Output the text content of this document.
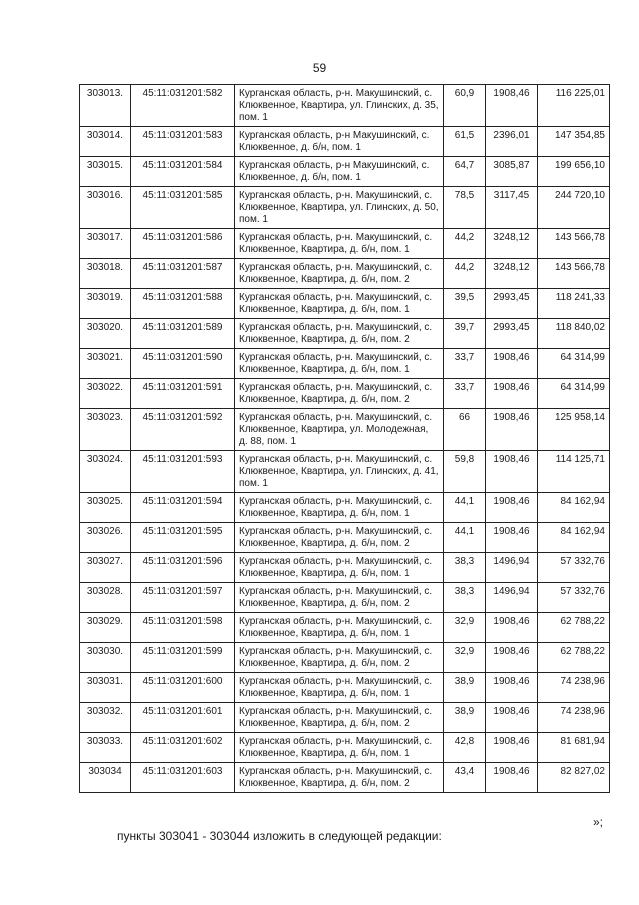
59
303013.	45:11:031201:582	Курганская область, р-н. Макушинский, с. Клюквенное, Квартира, ул. Глинских, д. 35, пом. 1	60,9	1908,46	116 225,01
303014.	45:11:031201:583	Курганская область, р-н Макушинский, с. Клюквенное, д. б/н, пом. 1	61,5	2396,01	147 354,85
303015.	45:11:031201:584	Курганская область, р-н Макушинский, с. Клюквенное, д. б/н, пом. 1	64,7	3085,87	199 656,10
303016.	45:11:031201:585	Курганская область, р-н. Макушинский, с. Клюквенное, Квартира, ул. Глинских, д. 50, пом. 1	78,5	3117,45	244 720,10
303017.	45:11:031201:586	Курганская область, р-н. Макушинский, с. Клюквенное, Квартира, д. б/н, пом. 1	44,2	3248,12	143 566,78
303018.	45:11:031201:587	Курганская область, р-н. Макушинский, с. Клюквенное, Квартира, д. б/н, пом. 2	44,2	3248,12	143 566,78
303019.	45:11:031201:588	Курганская область, р-н. Макушинский, с. Клюквенное, Квартира, д. б/н, пом. 1	39,5	2993,45	118 241,33
303020.	45:11:031201:589	Курганская область, р-н. Макушинский, с. Клюквенное, Квартира, д. б/н, пом. 2	39,7	2993,45	118 840,02
303021.	45:11:031201:590	Курганская область, р-н. Макушинский, с. Клюквенное, Квартира, д. б/н, пом. 1	33,7	1908,46	64 314,99
303022.	45:11:031201:591	Курганская область, р-н. Макушинский, с. Клюквенное, Квартира, д. б/н, пом. 2	33,7	1908,46	64 314,99
303023.	45:11:031201:592	Курганская область, р-н. Макушинский, с. Клюквенное, Квартира, ул. Молодежная, д. 88, пом. 1	66	1908,46	125 958,14
303024.	45:11:031201:593	Курганская область, р-н. Макушинский, с. Клюквенное, Квартира, ул. Глинских, д. 41, пом. 1	59,8	1908,46	114 125,71
303025.	45:11:031201:594	Курганская область, р-н. Макушинский, с. Клюквенное, Квартира, д. б/н, пом. 1	44,1	1908,46	84 162,94
303026.	45:11:031201:595	Курганская область, р-н. Макушинский, с. Клюквенное, Квартира, д. б/н, пом. 2	44,1	1908,46	84 162,94
303027.	45:11:031201:596	Курганская область, р-н. Макушинский, с. Клюквенное, Квартира, д. б/н, пом. 1	38,3	1496,94	57 332,76
303028.	45:11:031201:597	Курганская область, р-н. Макушинский, с. Клюквенное, Квартира, д. б/н, пом. 2	38,3	1496,94	57 332,76
303029.	45:11:031201:598	Курганская область, р-н. Макушинский, с. Клюквенное, Квартира, д. б/н, пом. 1	32,9	1908,46	62 788,22
303030.	45:11:031201:599	Курганская область, р-н. Макушинский, с. Клюквенное, Квартира, д. б/н, пом. 2	32,9	1908,46	62 788,22
303031.	45:11:031201:600	Курганская область, р-н. Макушинский, с. Клюквенное, Квартира, д. б/н, пом. 1	38,9	1908,46	74 238,96
303032.	45:11:031201:601	Курганская область, р-н. Макушинский, с. Клюквенное, Квартира, д. б/н, пом. 2	38,9	1908,46	74 238,96
303033.	45:11:031201:602	Курганская область, р-н. Макушинский, с. Клюквенное, Квартира, д. б/н, пом. 1	42,8	1908,46	81 681,94
303034	45:11:031201:603	Курганская область, р-н. Макушинский, с. Клюквенное, Квартира, д. б/н, пом. 2	43,4	1908,46	82 827,02
»;
пункты 303041 - 303044 изложить в следующей редакции:
